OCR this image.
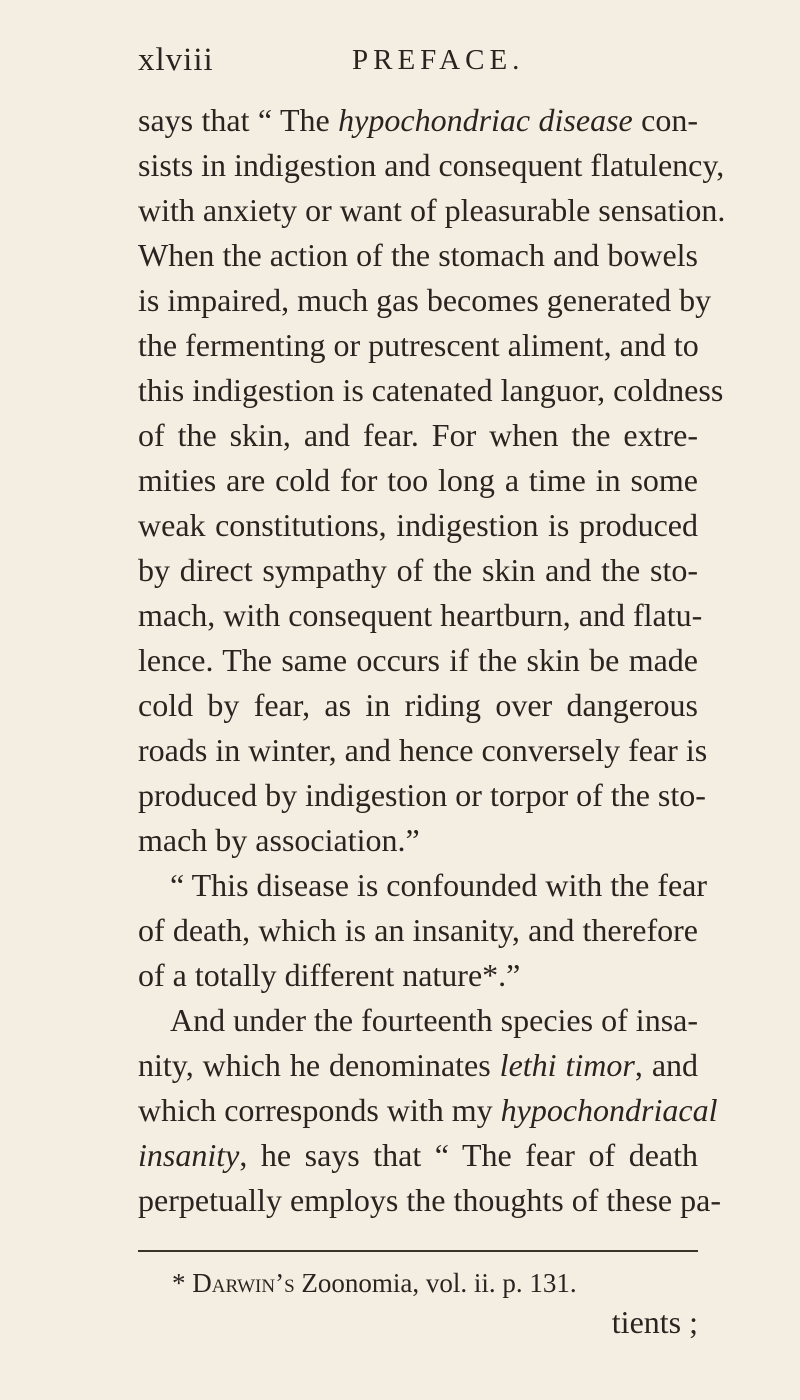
xlviii	PREFACE.
says that “ The hypochondriac disease con-
sists in indigestion and consequent flatulency,
with anxiety or want of pleasurable sensation.
When the action of the stomach and bowels
is impaired, much gas becomes generated by
the fermenting or putrescent aliment, and to
this indigestion is catenated languor, coldness
of the skin, and fear. For when the extre-
mities are cold for too long a time in some
weak constitutions, indigestion is produced
by direct sympathy of the skin and the sto-
mach, with consequent heartburn, and flatu-
lence. The same occurs if the skin be made
cold by fear, as in riding over dangerous
roads in winter, and hence conversely fear is
produced by indigestion or torpor of the sto-
mach by association.”
“ This disease is confounded with the fear
of death, which is an insanity, and therefore
of a totally different nature*.”
And under the fourteenth species of insa-
nity, which he denominates lethi timor, and
which corresponds with my hypochondriacal
insanity, he says that “ The fear of death
perpetually employs the thoughts of these pa-
* Darwin’s Zoonomia, vol. ii. p. 131.
tients ;
